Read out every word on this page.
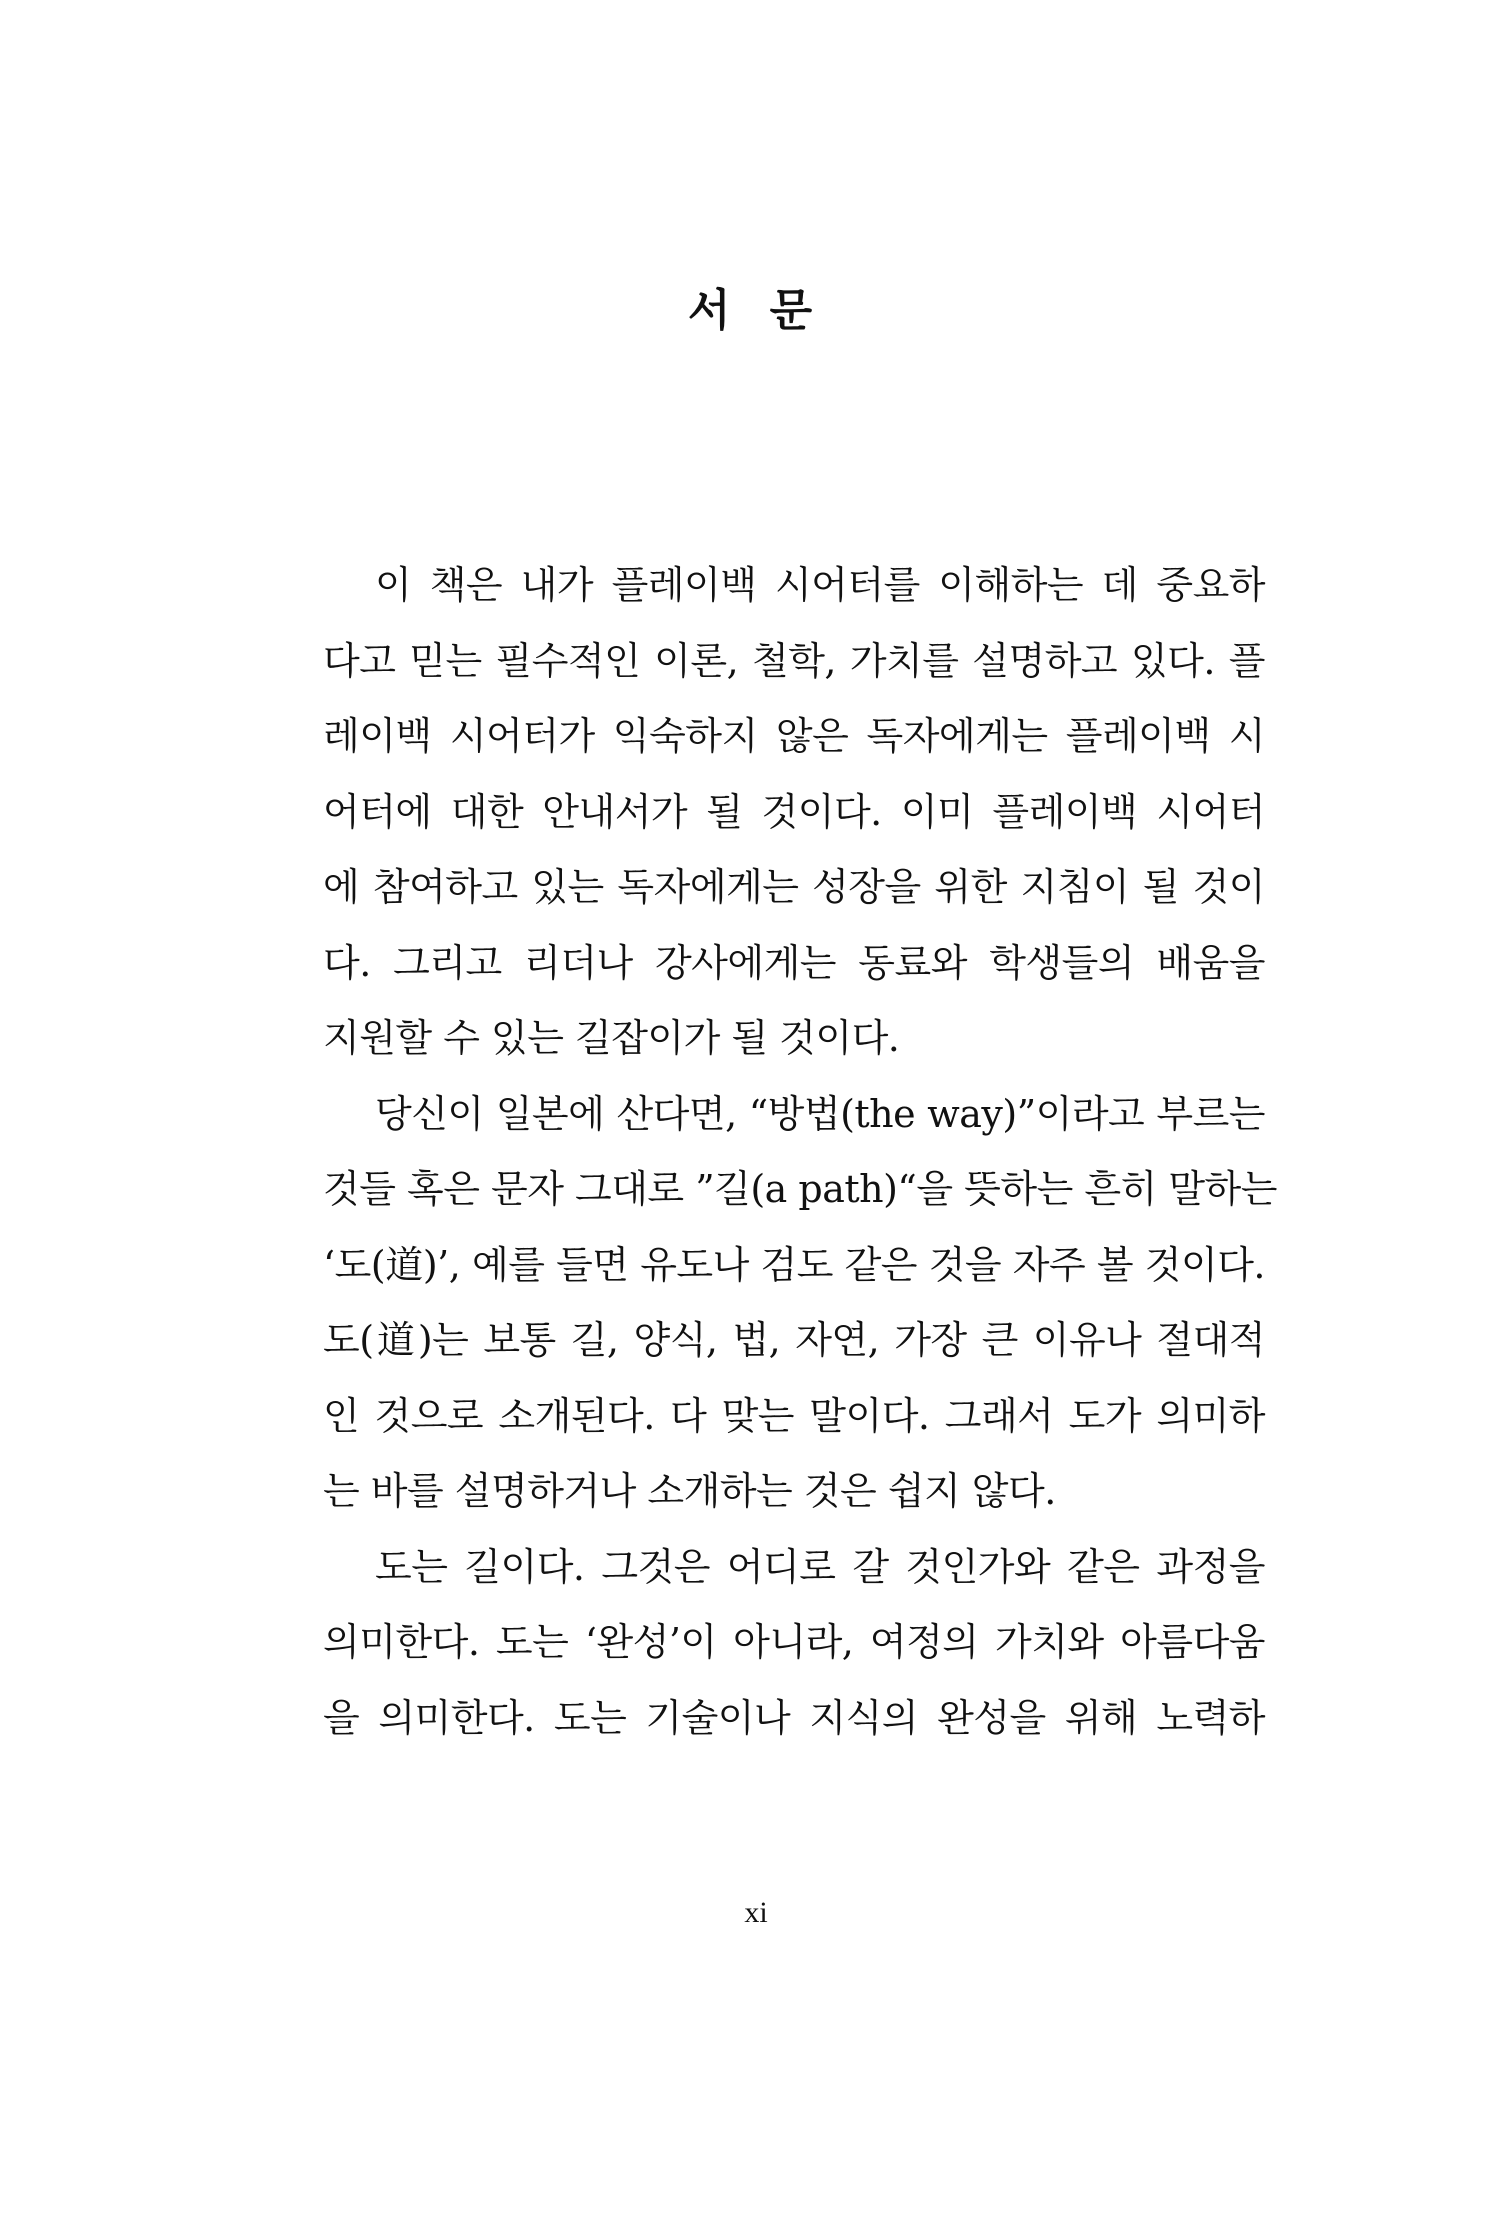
서 문
이 책은 내가 플레이백 시어터를 이해하는 데 중요하
다고 믿는 필수적인 이론, 철학, 가치를 설명하고 있다. 플
레이백 시어터가 익숙하지 않은 독자에게는 플레이백 시
어터에 대한 안내서가 될 것이다. 이미 플레이백 시어터
에 참여하고 있는 독자에게는 성장을 위한 지침이 될 것이
다. 그리고 리더나 강사에게는 동료와 학생들의 배움을
지원할 수 있는 길잡이가 될 것이다.
당신이 일본에 산다면, “방법(the way)”이라고 부르는
것들 혹은 문자 그대로 ”길(a path)“을 뜻하는 흔히 말하는
‘도(道)’, 예를 들면 유도나 검도 같은 것을 자주 볼 것이다.
도(道)는 보통 길, 양식, 법, 자연, 가장 큰 이유나 절대적
인 것으로 소개된다. 다 맞는 말이다. 그래서 도가 의미하
는 바를 설명하거나 소개하는 것은 쉽지 않다.
도는 길이다. 그것은 어디로 갈 것인가와 같은 과정을
의미한다. 도는 ‘완성’이 아니라, 여정의 가치와 아름다움
을 의미한다. 도는 기술이나 지식의 완성을 위해 노력하
xi
